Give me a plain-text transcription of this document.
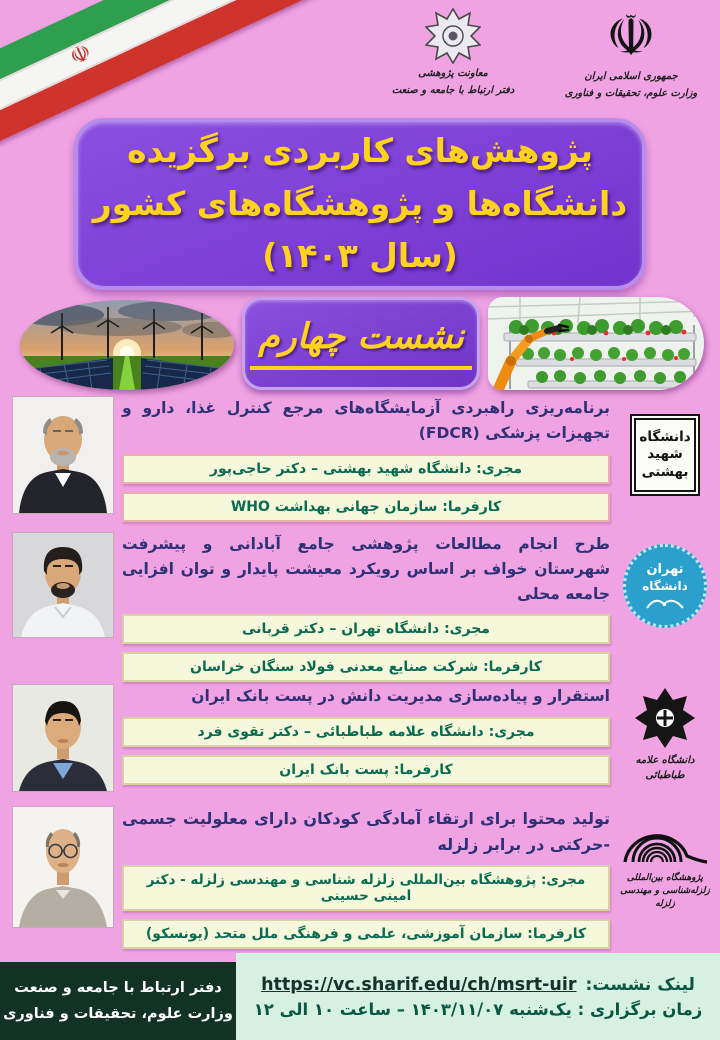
☫	☫
جمهوری اسلامی ایران
وزارت علوم، تحقیقات و فناوری
معاونت پژوهشی
دفتر ارتباط با جامعه و صنعت
پژوهش‌های کاربردی برگزیده
دانشگاه‌ها و پژوهشگاه‌های کشور
(سال ۱۴۰۳)
نشست چهارم
دانشگاه
شهید
بهشتی
برنامه‌ریزی راهبردی آزمایشگاه‌های مرجع کنترل غذا، دارو و تجهیزات پزشکی (FDCR)
مجری: دانشگاه شهید بهشتی – دکتر حاجی‌پور
کارفرما: سازمان جهانی بهداشت WHO
تهران
دانشگاه
طرح انجام مطالعات پژوهشی جامع آبادانی و پیشرفت شهرستان خواف بر اساس رویکرد معیشت پایدار و توان افزایی جامعه محلی
مجری: دانشگاه تهران – دکتر قربانی
کارفرما: شرکت صنایع معدنی فولاد سنگان خراسان
دانشگاه علامه طباطبائی
استقرار و پیاده‌سازی مدیریت دانش در پست بانک ایران
مجری: دانشگاه علامه طباطبائی – دکتر تقوی فرد
کارفرما: پست بانک ایران
پژوهشگاه بین‌المللی زلزله‌شناسی و مهندسی زلزله
تولید محتوا برای ارتقاء آمادگی کودکان دارای معلولیت جسمی -حرکتی در برابر زلزله
مجری: پژوهشگاه بین‌المللی زلزله شناسی و مهندسی زلزله - دکتر امینی حسینی
کارفرما: سازمان آموزشی، علمی و فرهنگی ملل متحد (یونسکو)
لینک نشست:
https://vc.sharif.edu/ch/msrt-uir
زمان برگزاری : یک‌شنبه ۱۴۰۳/۱۱/۰۷ – ساعت ۱۰ الی ۱۲
دفتر ارتباط با جامعه و صنعت
وزارت علوم، تحقیقات و فناوری
